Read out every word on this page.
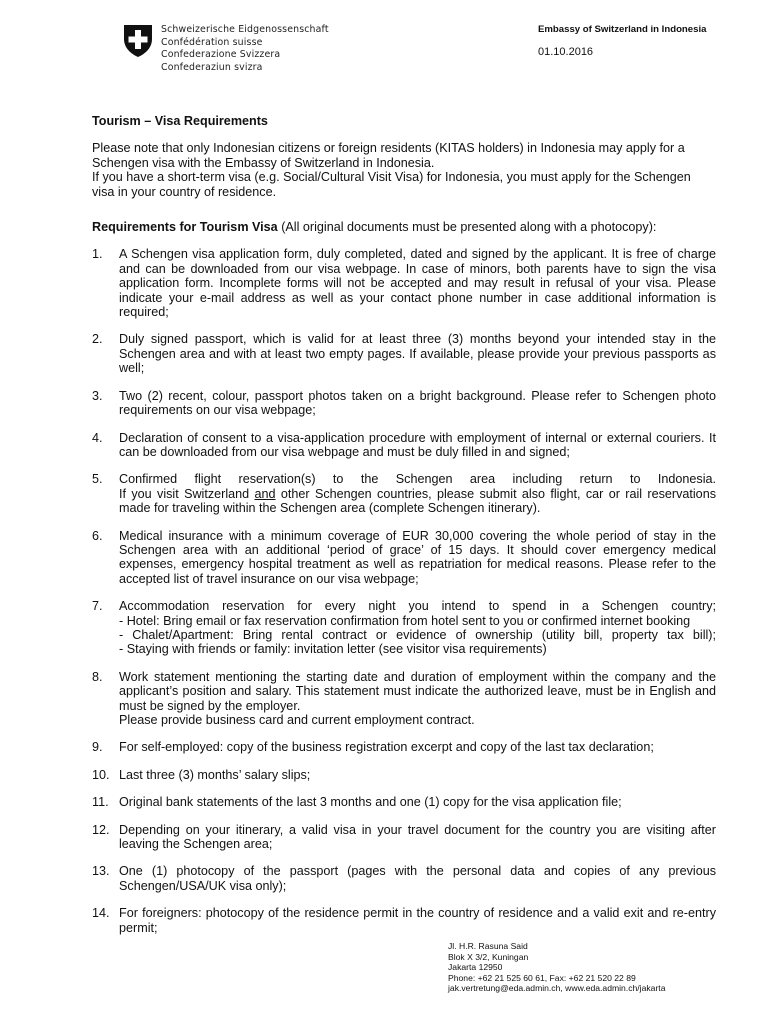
Schweizerische Eidgenossenschaft
Confédération suisse
Confederazione Svizzera
Confederaziun svizra
Embassy of Switzerland in Indonesia
01.10.2016
Tourism – Visa Requirements

Please note that only Indonesian citizens or foreign residents (KITAS holders) in Indonesia may apply for a Schengen visa with the Embassy of Switzerland in Indonesia.

If you have a short-term visa (e.g. Social/Cultural Visit Visa) for Indonesia, you must apply for the Schengen visa in your country of residence.

Requirements for Tourism Visa (All original documents must be presented along with a photocopy):
1.	A Schengen visa application form, duly completed, dated and signed by the applicant. It is free of charge and can be downloaded from our visa webpage. In case of minors, both parents have to sign the visa application form. Incomplete forms will not be accepted and may result in refusal of your visa. Please indicate your e-mail address as well as your contact phone number in case additional information is required;
2.	Duly signed passport, which is valid for at least three (3) months beyond your intended stay in the Schengen area and with at least two empty pages. If available, please provide your previous passports as well;
3.	Two (2) recent, colour, passport photos taken on a bright background. Please refer to Schengen photo requirements on our visa webpage;
4.	Declaration of consent to a visa-application procedure with employment of internal or external couriers. It can be downloaded from our visa webpage and must be duly filled in and signed;
5.	Confirmed flight reservation(s) to the Schengen area including return to Indonesia.
If you visit Switzerland and other Schengen countries, please submit also flight, car or rail reservations made for traveling within the Schengen area (complete Schengen itinerary).
6.	Medical insurance with a minimum coverage of EUR 30,000 covering the whole period of stay in the Schengen area with an additional ‘period of grace’ of 15 days. It should cover emergency medical expenses, emergency hospital treatment as well as repatriation for medical reasons. Please refer to the accepted list of travel insurance on our visa webpage;
7.	Accommodation reservation for every night you intend to spend in a Schengen country;
- Hotel: Bring email or fax reservation confirmation from hotel sent to you or confirmed internet booking
- Chalet/Apartment: Bring rental contract or evidence of ownership (utility bill, property tax bill);
- Staying with friends or family: invitation letter (see visitor visa requirements)
8.	Work statement mentioning the starting date and duration of employment within the company and the applicant’s position and salary. This statement must indicate the authorized leave, must be in English and must be signed by the employer.
Please provide business card and current employment contract.
9.	For self-employed: copy of the business registration excerpt and copy of the last tax declaration;
10. Last three (3) months’ salary slips;
11. Original bank statements of the last 3 months and one (1) copy for the visa application file;
12. Depending on your itinerary, a valid visa in your travel document for the country you are visiting after leaving the Schengen area;
13. One (1) photocopy of the passport (pages with the personal data and copies of any previous Schengen/USA/UK visa only);
14. For foreigners: photocopy of the residence permit in the country of residence and a valid exit and re-entry permit;
Jl. H.R. Rasuna Said
Blok X 3/2, Kuningan
Jakarta 12950
Phone: +62 21 525 60 61, Fax: +62 21 520 22 89
jak.vertretung@eda.admin.ch, www.eda.admin.ch/jakarta
